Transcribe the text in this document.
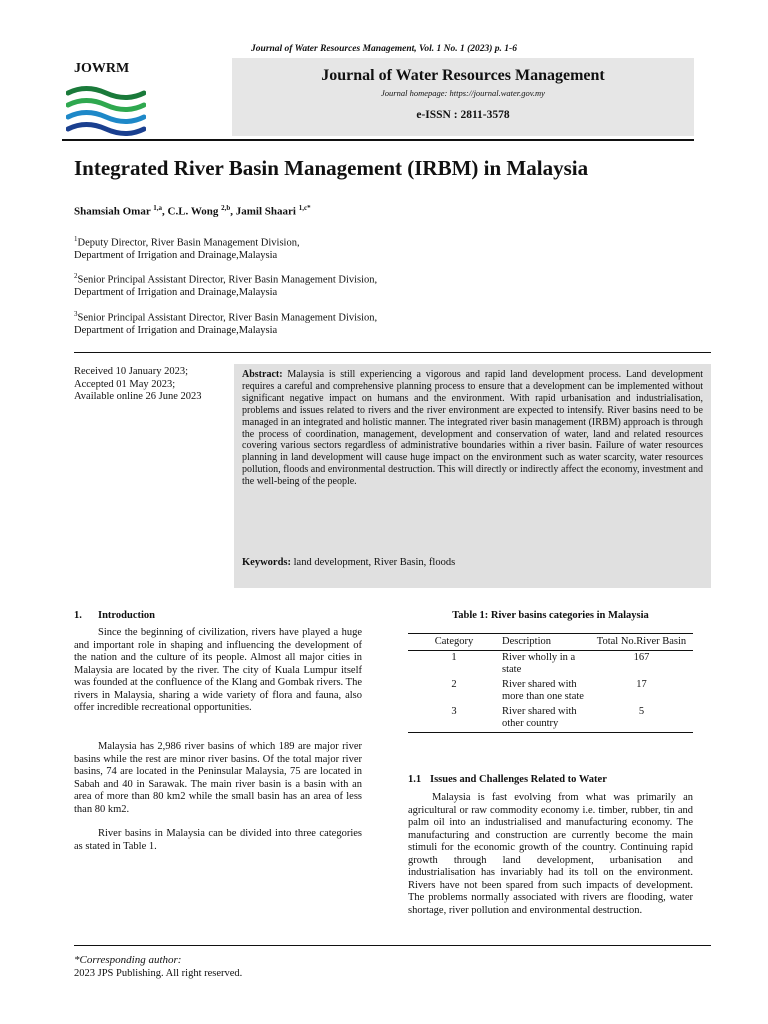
Journal of Water Resources Management, Vol. 1 No. 1 (2023) p. 1-6
JOWRM	Journal of Water Resources Management
Journal homepage: https://journal.water.gov.my
e-ISSN : 2811-3578
Integrated River Basin Management (IRBM) in Malaysia
Shamsiah Omar $^{1,a}$, C.L. Wong $^{2,b}$, Jamil Shaari $^{1,c*}$
$^1$Deputy Director, River Basin Management Division,
Department of Irrigation and Drainage,Malaysia
$^2$Senior Principal Assistant Director, River Basin Management Division,
Department of Irrigation and Drainage,Malaysia
$^3$Senior Principal Assistant Director, River Basin Management Division,
Department of Irrigation and Drainage,Malaysia
Received 10 January 2023;
Accepted 01 May 2023;
Available online 26 June 2023
Abstract: Malaysia is still experiencing a vigorous and rapid land development process. Land development requires a careful and comprehensive planning process to ensure that a development can be implemented without significant negative impact on humans and the environment. With rapid urbanisation and industrialisation, problems and issues related to rivers and the river environment are expected to intensify. River basins need to be managed in an integrated and holistic manner. The integrated river basin management (IRBM) approach is through the process of coordination, management, development and conservation of water, land and related resources covering various sectors regardless of administrative boundaries within a river basin. Failure of water resources planning in land development will cause huge impact on the environment such as water scarcity, water resources pollution, floods and environmental destruction. This will directly or indirectly affect the economy, investment and the well-being of the people.
Keywords: land development, River Basin, floods
1. Introduction
Since the beginning of civilization, rivers have played a huge and important role in shaping and influencing the development of the nation and the culture of its people. Almost all major cities in Malaysia are located by the river. The city of Kuala Lumpur itself was founded at the confluence of the Klang and Gombak rivers. The rivers in Malaysia, sharing a wide variety of flora and fauna, also offer incredible recreational opportunities.
Malaysia has 2,986 river basins of which 189 are major river basins while the rest are minor river basins. Of the total major river basins, 74 are located in the Peninsular Malaysia, 75 are located in Sabah and 40 in Sarawak. The main river basin is a basin with an area of more than 80 km2 while the small basin has an area of less than 80 km2.
River basins in Malaysia can be divided into three categories as stated in Table 1.
Table 1: River basins categories in Malaysia
Category	Description	Total No.River Basin
1	River wholly in a state	167
2	River shared with more than one state	17
3	River shared with other country	5
1.1 Issues and Challenges Related to Water
Malaysia is fast evolving from what was primarily an agricultural or raw commodity economy i.e. timber, rubber, tin and palm oil into an industrialised and manufacturing economy. The manufacturing and construction are currently become the main stimuli for the economic growth of the country. Continuing rapid growth through land development, urbanisation and industrialisation has invariably had its toll on the environment. Rivers have not been spared from such impacts of development. The problems normally associated with rivers are flooding, water shortage, river pollution and environmental destruction.
*Corresponding author:
2023 JPS Publishing. All right reserved.
